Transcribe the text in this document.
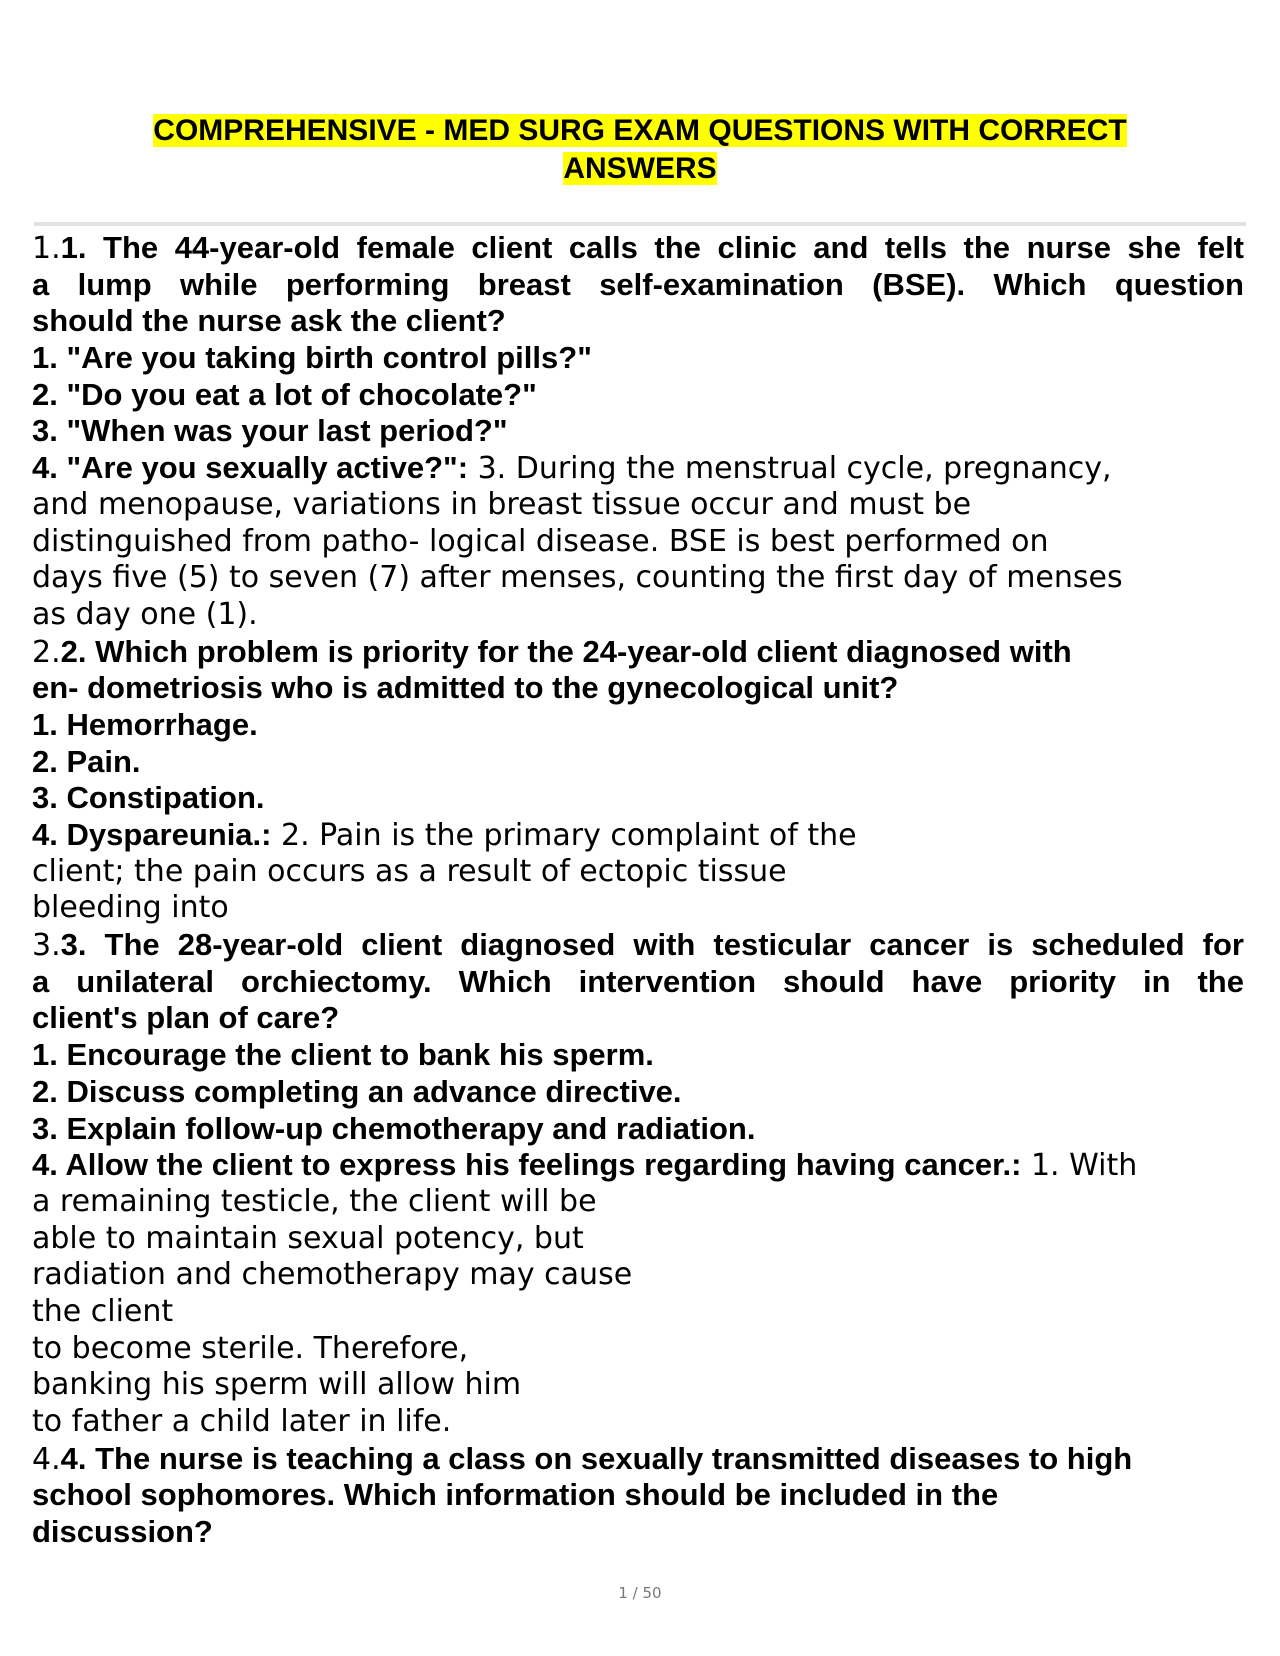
COMPREHENSIVE - MED SURG EXAM QUESTIONS WITH CORRECT
ANSWERS
1.1. The 44-year-old female client calls the clinic and tells the nurse she felt
a lump while performing breast self-examination (BSE). Which question
should the nurse ask the client?
1. "Are you taking birth control pills?"
2. "Do you eat a lot of chocolate?"
3. "When was your last period?"
4. "Are you sexually active?": 3. During the menstrual cycle, pregnancy,
and menopause, variations in breast tissue occur and must be
distinguished from patho- logical disease. BSE is best performed on
days five (5) to seven (7) after menses, counting the first day of menses
as day one (1).
2.2. Which problem is priority for the 24-year-old client diagnosed with
en- dometriosis who is admitted to the gynecological unit?
1. Hemorrhage.
2. Pain.
3. Constipation.
4. Dyspareunia.: 2. Pain is the primary complaint of the
client; the pain occurs as a result of ectopic tissue
bleeding into
3.3. The 28-year-old client diagnosed with testicular cancer is scheduled for
a unilateral orchiectomy. Which intervention should have priority in the
client's plan of care?
1. Encourage the client to bank his sperm.
2. Discuss completing an advance directive.
3. Explain follow-up chemotherapy and radiation.
4. Allow the client to express his feelings regarding having cancer.: 1. With
a remaining testicle, the client will be
able to maintain sexual potency, but
radiation and chemotherapy may cause
the client
to become sterile. Therefore,
banking his sperm will allow him
to father a child later in life.
4.4. The nurse is teaching a class on sexually transmitted diseases to high
school sophomores. Which information should be included in the
discussion?
1 / 50
